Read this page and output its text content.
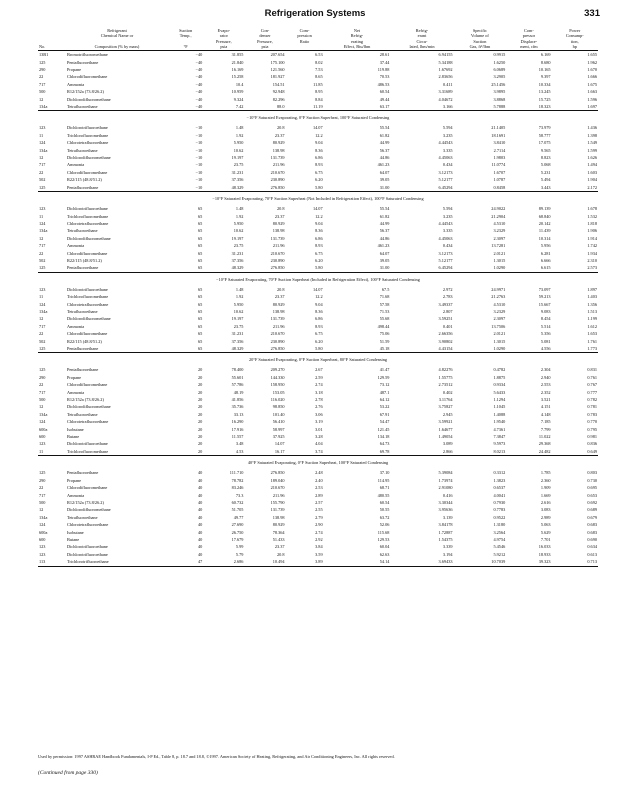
Refrigeration Systems	331
	Refrigerant	Suction	Evapo-	Con-	Com-	Net	Refrig-	Specific	Com-	Power
	Chemical Name or	Temp.,	rator	denser	pression	Refrig-	erant	Volume of	pressor	Consump-
			Pressure,	Pressure,	Ratio	erating	Circu-	Suction	Displace-	tion,
No.	Composition (% by mass)	°F	psia	psia		Effect, Btu/lbm	lated, lbm/min	Gas, ft³/lbm	ment, cfm	hp
13B1	Bromotrifluoromethane	−40	31.855	207.654	6.53	28.61	6.94155	0.9915	6.169	1.655
125	Pentafluoroethane	−40	21.840	175.100	8.02	37.44	5.34188	1.6250	8.680	1.962
290	Propane	−40	16.169	121.560	7.53	119.88	1.67692	6.0689	10.165	1.670
22	Chlorodifluoromethane	−40	15.258	181.927	8.65	70.53	2.83656	3.2905	9.397	1.666
717	Ammonia	−40	10.4	154.51	11.85	486.53	0.411	25.1456	10.334	1.675
500	R12/152a (73.8/26.2)	−40	10.959	92.948	8.95	60.54	3.31689	3.9895	13.245	1.663
12	Dichlorodifluoromethane	−40	9.324	82.296	8.84	49.44	4.04672	3.8868	15.725	1.596
134a	Tetrafluoroethane	−40	7.42	88.0	11.19	63.17	3.166	5.7888	18.323	1.697
−10°F Saturated Evaporating, 0°F Suction Superheat, 100°F Saturated Condensing										
123	Dichlorotrifluoroethane	−10	1.48	20.8	14.07	55.54	5.594	21.1405	73.979	1.436
11	Trichlorofluoromethane	−10	1.92	23.37	12.2	61.82	3.235	18.1691	58.777	1.398
124	Chlorotetrafluoroethane	−10	5.950	80.929	9.04	44.99	4.44543	3.8410	17.075	1.549
134a	Tetrafluoroethane	−10	10.62	138.98	8.36	56.37	3.335	2.7114	9.565	1.599
12	Dichlorodifluoromethane	−10	19.197	131.739	6.86	44.86	4.45063	1.9803	8.823	1.626
717	Ammonia	−10	23.75	211.96	8.93	461.23	0.434	11.0774	5.068	1.494
22	Chlorodifluoromethane	−10	31.231	210.670	6.75	64.07	3.12173	1.6707	5.231	1.603
502	R22/115 (48.8/51.2)	−10	37.356	230.890	6.20	39.05	5.12177	1.0787	5.494	1.904
125	Pentafluoroethane	−10	48.329	276.850	5.80	31.00	6.45294	0.8458	3.443	2.172
−10°F Saturated Evaporating, 70°F Suction Superheat (Not Included in Refrigeration Effect), 100°F Saturated Condensing										
123	Dichlorotrifluoroethane	65	1.48	20.8	14.07	55.54	5.594	24.9022	89.139	1.678
11	Trichlorofluoromethane	65	1.92	23.37	12.2	61.82	3.235	21.2904	68.840	1.532
124	Chlorotetrafluoroethane	65	5.950	80.929	9.04	44.99	4.44543	4.5310	20.142	1.818
134a	Tetrafluoroethane	65	10.62	138.98	8.36	56.37	3.335	3.2329	11.439	1.906
12	Dichlorodifluoromethane	65	19.197	131.739	6.86	44.86	4.45063	2.3097	10.314	1.914
717	Ammonia	65	23.75	211.96	8.93	461.23	0.434	13.7281	5.956	1.742
22	Chlorodifluoromethane	65	31.231	210.670	6.75	64.07	3.12173	2.0121	6.281	1.934
502	R22/115 (48.8/51.2)	65	37.356	230.890	6.20	39.05	5.12177	1.3015	6.666	2.310
125	Pentafluoroethane	65	48.329	276.850	5.80	31.00	6.45294	1.0290	6.615	2.573
−10°F Saturated Evaporating, 70°F Suction Superheat (Included in Refrigeration Effect), 100°F Saturated Condensing										
123	Dichlorotrifluoroethane	65	1.48	20.8	14.07	67.5	2.972	24.9971	73.097	1.897
11	Trichlorofluoromethane	65	1.92	23.37	12.2	71.68	2.783	21.2763	59.213	1.403
124	Chlorotetrafluoroethane	65	5.950	80.929	9.04	57.58	3.49337	4.5310	15.667	1.356
134a	Tetrafluoroethane	65	10.62	138.98	8.36	71.53	2.807	3.2329	9.083	1.513
12	Dichlorodifluoromethane	65	19.197	131.739	6.86	55.68	3.59251	2.3097	8.454	1.199
717	Ammonia	65	23.75	211.96	8.93	498.44	0.401	13.7506	5.514	1.612
22	Chlorodifluoromethane	65	31.231	210.670	6.75	75.06	2.66356	2.0121	5.356	1.653
502	R22/115 (48.8/51.2)	65	37.356	230.890	6.20	51.59	3.90802	1.3015	5.081	1.761
125	Pentafluoroethane	65	48.329	276.850	5.80	45.18	4.43154	1.0290	4.556	1.773
20°F Saturated Evaporating, 0°F Suction Superheat, 80°F Saturated Condensing										
125	Pentafluoroethane	20	78.400	209.270	2.67	41.47	4.82276	0.4782	2.304	0.831
290	Propane	20	55.601	144.330	2.59	129.59	1.55775	1.8875	2.940	0.761
22	Chlorodifluoromethane	20	57.786	158.950	2.74	73.12	2.73512	0.9334	2.553	0.767
717	Ammonia	20	48.19	153.05	3.18	487.1	0.402	5.6433	2.352	0.777
500	R12/152a (73.8/26.2)	20	41.856	116.020	2.78	64.12	3.11764	1.1294	3.521	0.782
12	Dichlorodifluoromethane	20	35.736	98.850	2.76	53.22	3.75827	1.1045	4.151	0.781
134a	Tetrafluoroethane	20	33.13	101.40	3.06	67.91	2.945	1.4088	4.148	0.783
124	Chlorotetrafluoroethane	20	16.290	56.410	3.19	54.47	3.59921	1.9540	7.185	0.770
600a	Isobutane	20	17.916	58.997	3.01	121.45	1.64677	4.7361	7.799	0.795
600	Butane	20	11.557	37.925	3.28	134.18	1.49054	7.3847	11.022	0.981
123	Dichlorotrifluoroethane	20	3.48	14.07	4.04	64.73	3.089	9.5973	29.368	0.836
11	Trichlorofluoromethane	20	4.53	16.17	3.74	69.78	2.866	8.0213	24.482	0.649
40°F Saturated Evaporating, 0°F Suction Superheat, 100°F Saturated Condensing										
125	Pentafluoroethane	40	111.710	276.850	2.48	37.10	5.39084	0.3312	1.785	0.803
290	Propane	40	78.782	189.040	2.40	114.95	1.73974	1.3823	2.360	0.730
22	Chlorodifluoromethane	40	83.246	210.670	2.53	68.71	2.91080	0.6537	1.909	0.695
717	Ammonia	40	73.3	211.96	2.89	480.55	0.416	4.0041	1.669	0.653
500	R12/152a (73.8/26.2)	40	60.732	155.790	2.57	60.54	3.30344	0.7930	2.616	0.692
12	Dichlorodifluoromethane	40	51.705	131.739	2.55	50.55	3.95636	0.7783	3.083	0.689
134a	Tetrafluoroethane	40	49.77	138.98	2.79	63.72	3.139	0.9522	2.989	0.679
124	Chlorotetrafluoroethane	40	27.690	80.929	2.90	52.06	3.84178	1.3180	5.063	0.683
600a	Isobutane	40	26.750	78.364	2.74	115.68	1.72887	3.2564	5.629	0.683
600	Butane	40	17.679	51.433	2.92	129.53	1.54375	4.9754	7.701	0.690
123	Dichlorotrifluoroethane	40	5.99	23.37	3.84	60.04	3.339	5.4546	16.033	0.634
123	Dichlorotrifluoroethane	40	5.79	20.8	3.59	62.63	3.194	5.9212	18.933	0.613
113	Trichlorotrifluoroethane	47	2.686	10.494	3.89	54.14	3.69433	10.7039	39.323	0.713

Used by permission: 1997 ASHRAE Handbook Fundamentals, I-P Ed., Table 8, p. 18.7 and 18.8, ©1997. American Society of Heating, Refrigerating, and Air Conditioning Engineers, Inc. All rights reserved.
(Continued from page 330)
